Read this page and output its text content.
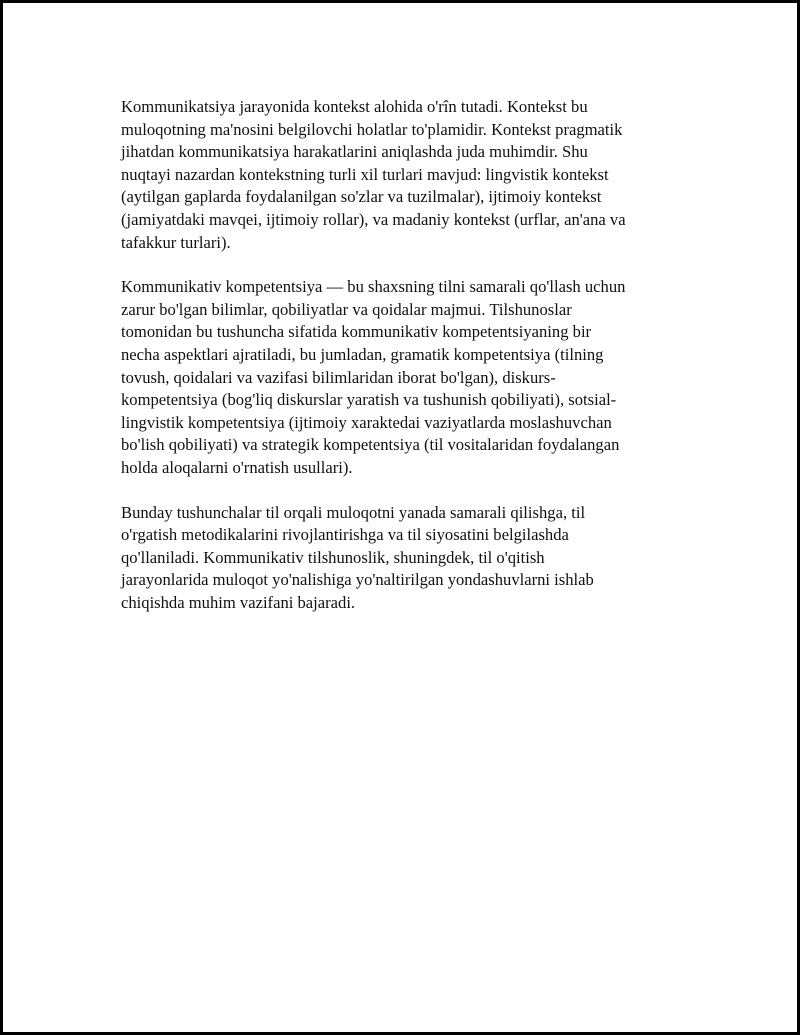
Kommunikatsiya jarayonida kontekst alohida o'rîn tutadi. Kontekst bu
muloqotning ma'nosini belgilovchi holatlar to'plamidir. Kontekst pragmatik
jihatdan kommunikatsiya harakatlarini aniqlashda juda muhimdir. Shu
nuqtayi nazardan kontekstning turli xil turlari mavjud: lingvistik kontekst
(aytilgan gaplarda foydalanilgan so'zlar va tuzilmalar), ijtimoiy kontekst
(jamiyatdaki mavqei, ijtimoiy rollar), va madaniy kontekst (urflar, an'ana va
tafakkur turlari).

Kommunikativ kompetentsiya — bu shaxsning tilni samarali qo'llash uchun
zarur bo'lgan bilimlar, qobiliyatlar va qoidalar majmui. Tilshunoslar
tomonidan bu tushuncha sifatida kommunikativ kompetentsiyaning bir
necha aspektlari ajratiladi, bu jumladan, gramatik kompetentsiya (tilning
tovush, qoidalari va vazifasi bilimlaridan iborat bo'lgan), diskurs-
kompetentsiya (bog'liq diskurslar yaratish va tushunish qobiliyati), sotsial-
lingvistik kompetentsiya (ijtimoiy xaraktedai vaziyatlarda moslashuvchan
bo'lish qobiliyati) va strategik kompetentsiya (til vositalaridan foydalangan
holda aloqalarni o'rnatish usullari).

Bunday tushunchalar til orqali muloqotni yanada samarali qilishga, til
o'rgatish metodikalarini rivojlantirishga va til siyosatini belgilashda
qo'llaniladi. Kommunikativ tilshunoslik, shuningdek, til o'qitish
jarayonlarida muloqot yo'nalishiga yo'naltirilgan yondashuvlarni ishlab
chiqishda muhim vazifani bajaradi.
